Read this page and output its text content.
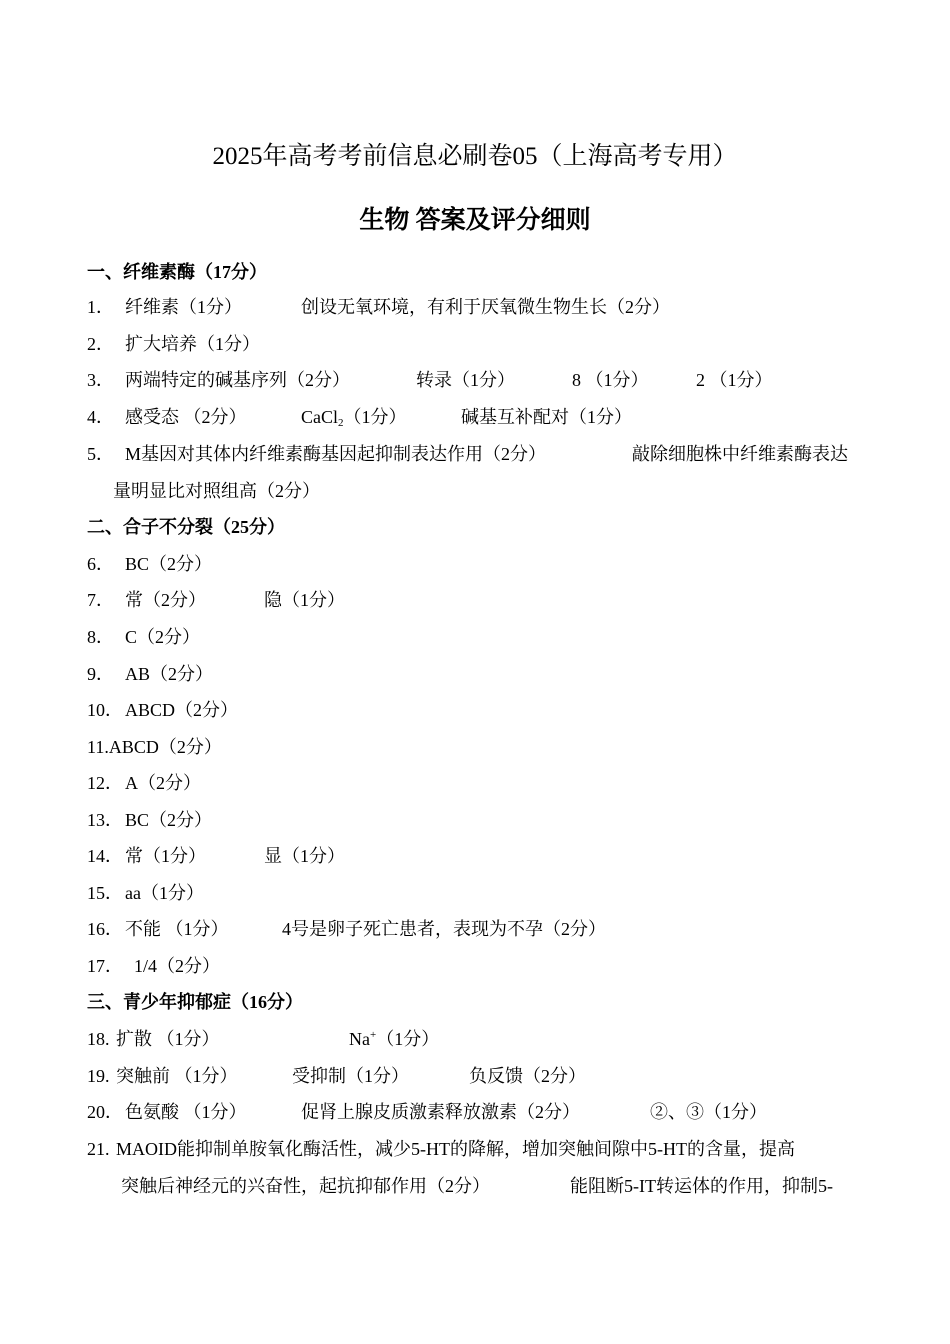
2025年高考考前信息必刷卷05（上海高考专用）
生物 答案及评分细则
一、纤维素酶（17分）
1． 纤维素（1分）	创设无氧环境，有利于厌氧微生物生长（2分）
2． 扩大培养（1分）
3． 两端特定的碱基序列（2分）	转录（1分）	8 （1分）	2 （1分）
4． 感受态 （2分）	CaCl$_2$（1分）	碱基互补配对（1分）
5． M基因对其体内纤维素酶基因起抑制表达作用（2分）	敲除细胞株中纤维素酶表达
量明显比对照组高（2分）
二、合子不分裂（25分）
6． BC（2分）
7． 常（2分）	隐（1分）
8． C（2分）
9． AB（2分）
10． ABCD（2分）
11.ABCD（2分）
12． A（2分）
13． BC（2分）
14． 常（1分）	显（1分）
15． aa（1分）
16． 不能 （1分）	4号是卵子死亡患者，表现为不孕（2分）
17． 1/4（2分）
三、青少年抑郁症（16分）
18. 扩散 （1分）	Na+（1分）
19. 突触前 （1分）	受抑制（1分）	负反馈（2分）
20． 色氨酸 （1分）	促肾上腺皮质激素释放激素（2分）	②、③（1分）
21. MAOID能抑制单胺氧化酶活性，减少5-HT的降解，增加突触间隙中5-HT的含量，提高
突触后神经元的兴奋性，起抗抑郁作用（2分）	能阻断5-IT转运体的作用，抑制5-
